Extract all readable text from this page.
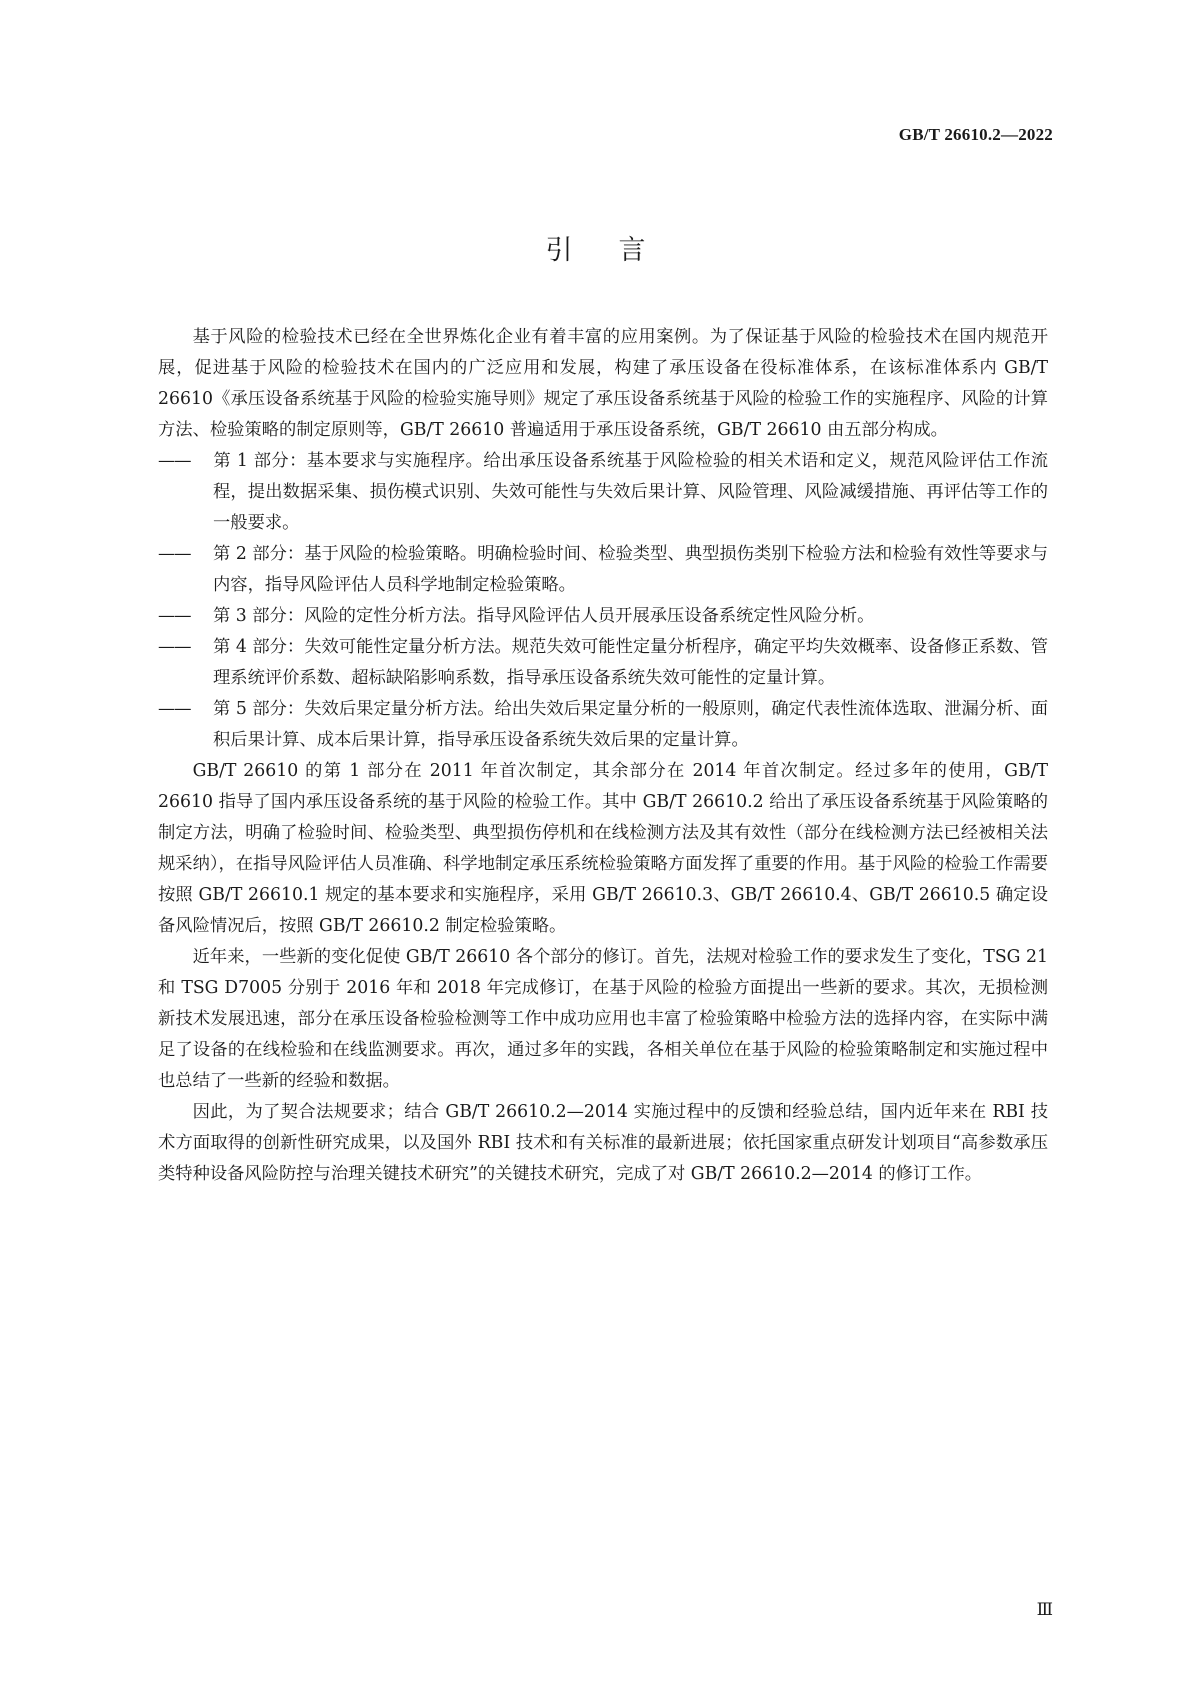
GB/T 26610.2—2022
引言

基于风险的检验技术已经在全世界炼化企业有着丰富的应用案例。为了保证基于风险的检验技术在国内规范开展，促进基于风险的检验技术在国内的广泛应用和发展，构建了承压设备在役标准体系，在该标准体系内 GB/T 26610《承压设备系统基于风险的检验实施导则》规定了承压设备系统基于风险的检验工作的实施程序、风险的计算方法、检验策略的制定原则等，GB/T 26610 普遍适用于承压设备系统，GB/T 26610 由五部分构成。

—— 第 1 部分：基本要求与实施程序。给出承压设备系统基于风险检验的相关术语和定义，规范风险评估工作流程，提出数据采集、损伤模式识别、失效可能性与失效后果计算、风险管理、风险减缓措施、再评估等工作的一般要求。

—— 第 2 部分：基于风险的检验策略。明确检验时间、检验类型、典型损伤类别下检验方法和检验有效性等要求与内容，指导风险评估人员科学地制定检验策略。

—— 第 3 部分：风险的定性分析方法。指导风险评估人员开展承压设备系统定性风险分析。

—— 第 4 部分：失效可能性定量分析方法。规范失效可能性定量分析程序，确定平均失效概率、设备修正系数、管理系统评价系数、超标缺陷影响系数，指导承压设备系统失效可能性的定量计算。

—— 第 5 部分：失效后果定量分析方法。给出失效后果定量分析的一般原则，确定代表性流体选取、泄漏分析、面积后果计算、成本后果计算，指导承压设备系统失效后果的定量计算。

GB/T 26610 的第 1 部分在 2011 年首次制定，其余部分在 2014 年首次制定。经过多年的使用，GB/T 26610 指导了国内承压设备系统的基于风险的检验工作。其中 GB/T 26610.2 给出了承压设备系统基于风险策略的制定方法，明确了检验时间、检验类型、典型损伤停机和在线检测方法及其有效性（部分在线检测方法已经被相关法规采纳），在指导风险评估人员准确、科学地制定承压系统检验策略方面发挥了重要的作用。基于风险的检验工作需要按照 GB/T 26610.1 规定的基本要求和实施程序，采用 GB/T 26610.3、GB/T 26610.4、GB/T 26610.5 确定设备风险情况后，按照 GB/T 26610.2 制定检验策略。

近年来，一些新的变化促使 GB/T 26610 各个部分的修订。首先，法规对检验工作的要求发生了变化，TSG 21 和 TSG D7005 分别于 2016 年和 2018 年完成修订，在基于风险的检验方面提出一些新的要求。其次，无损检测新技术发展迅速，部分在承压设备检验检测等工作中成功应用也丰富了检验策略中检验方法的选择内容，在实际中满足了设备的在线检验和在线监测要求。再次，通过多年的实践，各相关单位在基于风险的检验策略制定和实施过程中也总结了一些新的经验和数据。

因此，为了契合法规要求；结合 GB/T 26610.2—2014 实施过程中的反馈和经验总结，国内近年来在 RBI 技术方面取得的创新性研究成果，以及国外 RBI 技术和有关标准的最新进展；依托国家重点研发计划项目“高参数承压类特种设备风险防控与治理关键技术研究”的关键技术研究，完成了对 GB/T 26610.2—2014 的修订工作。

Ⅲ
